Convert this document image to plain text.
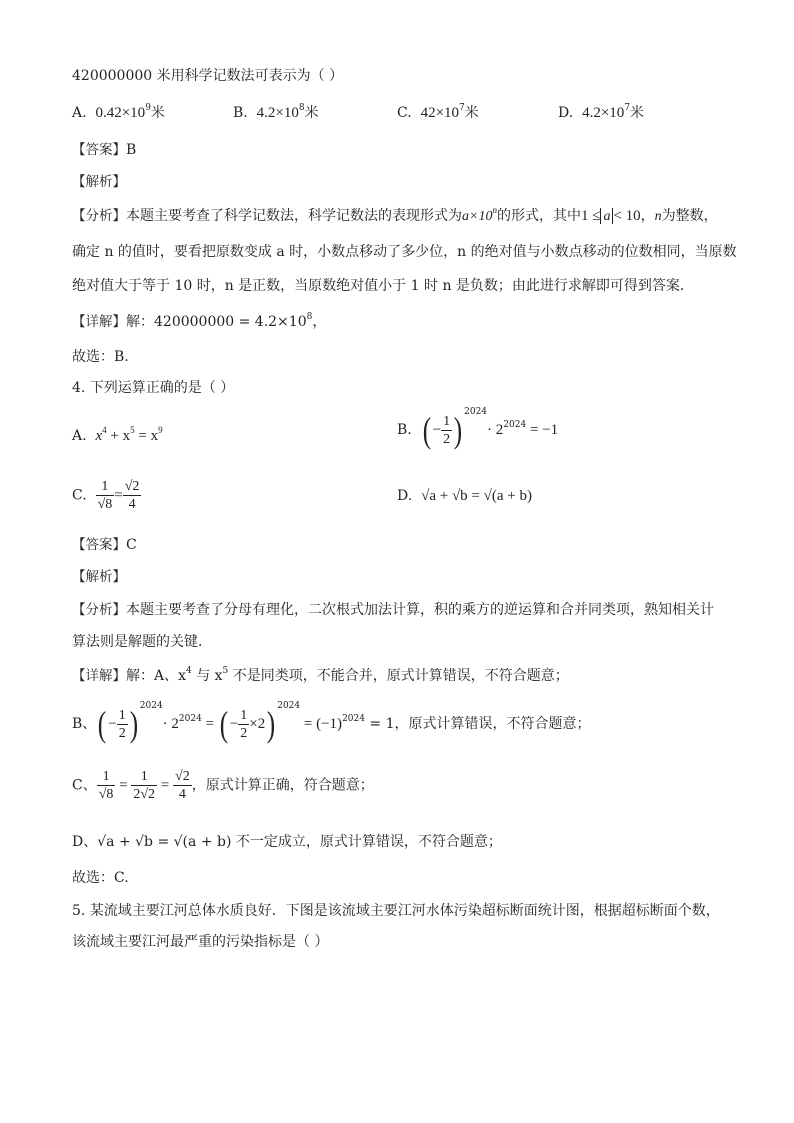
420000000 米用科学记数法可表示为（ ）
A. $0.42\times 10^9$米	B. $4.2\times 10^8$米	C. $42\times 10^7$米	D. $4.2\times 10^7$米
【答案】B
【解析】
【分析】本题主要考查了科学记数法，科学记数法的表现形式为$a\times 10^n$的形式，其中1 ≤ a < 10，n为整数，
确定 n 的值时，要看把原数变成 a 时，小数点移动了多少位，n 的绝对值与小数点移动的位数相同，当原数
绝对值大于等于 10 时，n 是正数，当原数绝对值小于 1 时 n 是负数；由此进行求解即可得到答案．
【详解】解：$420000000 = 4.2\times 10^8$，
故选：B.
4. 下列运算正确的是（ ）
A. $x^4 + x^5 = x^9$	B. ( − $\frac{1}{2}$ ) $^{2024}\cdot 2^{2024} = -1$
C. $\frac{1}{√8} = \frac{√2}{4}$	D. √a + √b = √(a + b)
【答案】C
【解析】
【分析】本题主要考查了分母有理化，二次根式加法计算，积的乘方的逆运算和合并同类项，熟知相关计
算法则是解题的关键．
【详解】解：A、$x^4$ 与 $x^5$ 不是同类项，不能合并，原式计算错误，不符合题意；
B、( − $\frac{1}{2}$ ) $^{2024}\cdot 2^{2024}$ = ( − $\frac{1}{2} \times 2$) $^{2024} = (-1)^{2024} = 1$，原式计算错误，不符合题意；
C、 $\frac{1}{√8} = \frac{1}{2√2} = \frac{√2}{4}$ ，原式计算正确，符合题意；
D、√a + √b = √(a + b) 不一定成立，原式计算错误，不符合题意；
故选：C.
5. 某流域主要江河总体水质良好．下图是该流域主要江河水体污染超标断面统计图，根据超标断面个数，
该流域主要江河最严重的污染指标是（ ）
